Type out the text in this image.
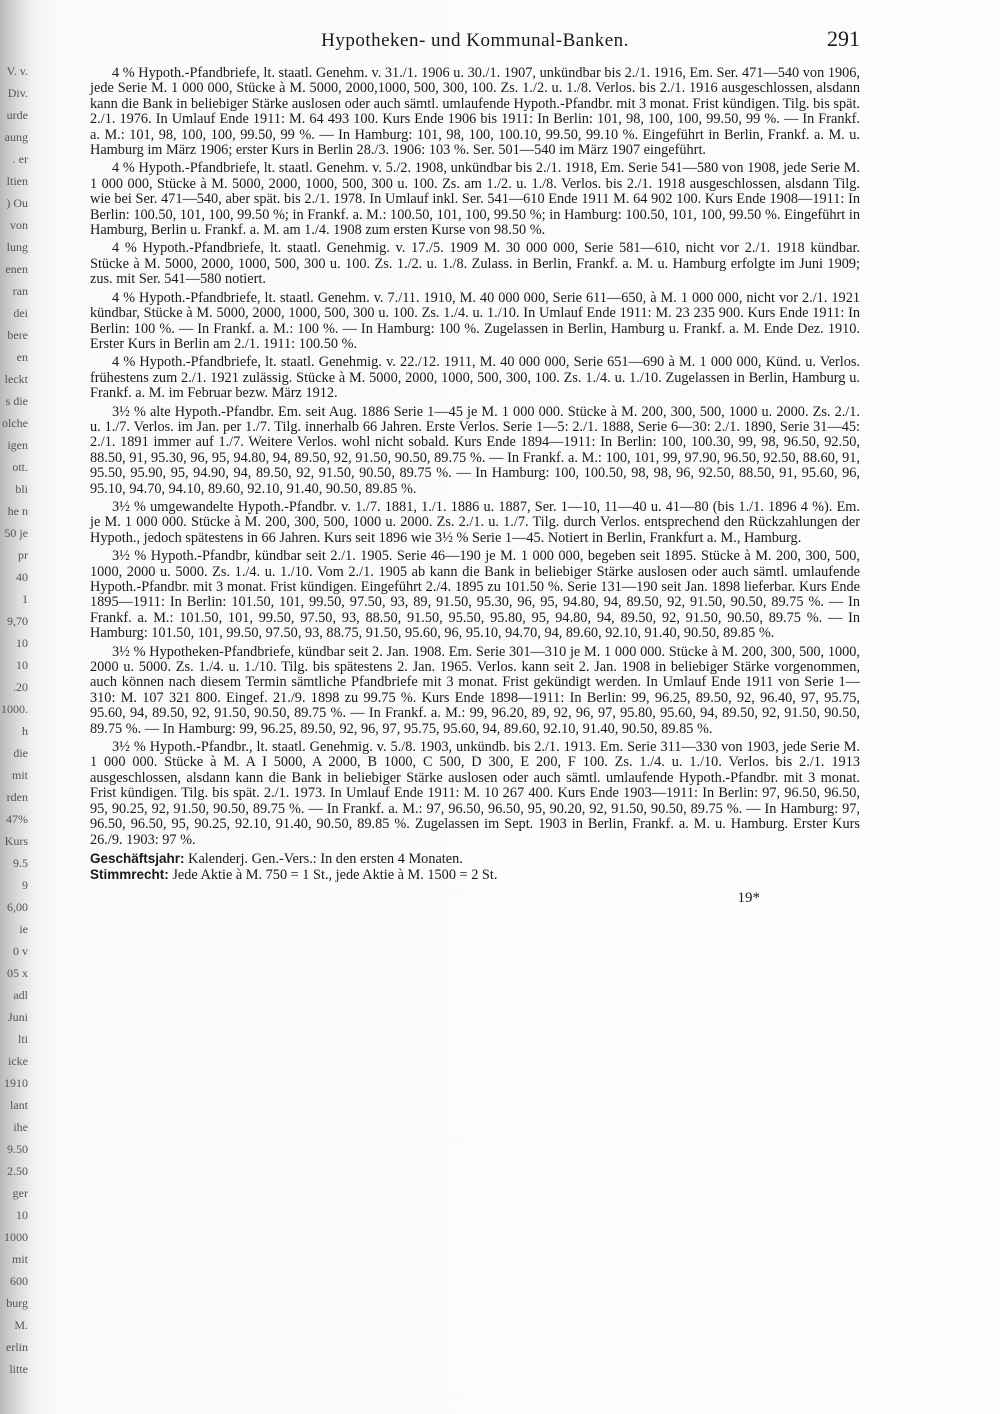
V. v.
Div.
urde
aung
. er
ltien
) Ou
von
lung
enen
ran
dei
bere
en
leckt
s die
olche
igen
ott.
bli
he n
50 je
pr
40
1
9,70
10
10
.20
1000.
h
die
mit
rden
47%
Kurs
9.5
9
6,00
ie
0 v
05 x
adl
Juni
lti
icke
1910
lant
ihe
9.50
2.50
ger
10
1000
mit
600
burg
M.
erlin
litte
Hypotheken- und Kommunal-Banken.	291

4 % Hypoth.-Pfandbriefe, lt. staatl. Genehm. v. 31./1. 1906 u. 30./1. 1907, unkündbar bis 2./1. 1916, Em. Ser. 471—540 von 1906, jede Serie M. 1 000 000, Stücke à M. 5000, 2000,1000, 500, 300, 100. Zs. 1./2. u. 1./8. Verlos. bis 2./1. 1916 ausgeschlossen, alsdann kann die Bank in beliebiger Stärke auslosen oder auch sämtl. umlaufende Hypoth.-Pfandbr. mit 3 monat. Frist kündigen. Tilg. bis spät. 2./1. 1976. In Umlauf Ende 1911: M. 64 493 100. Kurs Ende 1906 bis 1911: In Berlin: 101, 98, 100, 100, 99.50, 99 %. — In Frankf. a. M.: 101, 98, 100, 100, 99.50, 99 %. — In Hamburg: 101, 98, 100, 100.10, 99.50, 99.10 %. Eingeführt in Berlin, Frankf. a. M. u. Hamburg im März 1906; erster Kurs in Berlin 28./3. 1906: 103 %. Ser. 501—540 im März 1907 eingeführt.

4 % Hypoth.-Pfandbriefe, lt. staatl. Genehm. v. 5./2. 1908, unkündbar bis 2./1. 1918, Em. Serie 541—580 von 1908, jede Serie M. 1 000 000, Stücke à M. 5000, 2000, 1000, 500, 300 u. 100. Zs. am 1./2. u. 1./8. Verlos. bis 2./1. 1918 ausgeschlossen, alsdann Tilg. wie bei Ser. 471—540, aber spät. bis 2./1. 1978. In Umlauf inkl. Ser. 541—610 Ende 1911 M. 64 902 100. Kurs Ende 1908—1911: In Berlin: 100.50, 101, 100, 99.50 %; in Frankf. a. M.: 100.50, 101, 100, 99.50 %; in Hamburg: 100.50, 101, 100, 99.50 %. Eingeführt in Hamburg, Berlin u. Frankf. a. M. am 1./4. 1908 zum ersten Kurse von 98.50 %.

4 % Hypoth.-Pfandbriefe, lt. staatl. Genehmig. v. 17./5. 1909 M. 30 000 000, Serie 581—610, nicht vor 2./1. 1918 kündbar. Stücke à M. 5000, 2000, 1000, 500, 300 u. 100. Zs. 1./2. u. 1./8. Zulass. in Berlin, Frankf. a. M. u. Hamburg erfolgte im Juni 1909; zus. mit Ser. 541—580 notiert.

4 % Hypoth.-Pfandbriefe, lt. staatl. Genehm. v. 7./11. 1910, M. 40 000 000, Serie 611—650, à M. 1 000 000, nicht vor 2./1. 1921 kündbar, Stücke à M. 5000, 2000, 1000, 500, 300 u. 100. Zs. 1./4. u. 1./10. In Umlauf Ende 1911: M. 23 235 900. Kurs Ende 1911: In Berlin: 100 %. — In Frankf. a. M.: 100 %. — In Hamburg: 100 %. Zugelassen in Berlin, Hamburg u. Frankf. a. M. Ende Dez. 1910. Erster Kurs in Berlin am 2./1. 1911: 100.50 %.

4 % Hypoth.-Pfandbriefe, lt. staatl. Genehmig. v. 22./12. 1911, M. 40 000 000, Serie 651—690 à M. 1 000 000, Künd. u. Verlos. frühestens zum 2./1. 1921 zulässig. Stücke à M. 5000, 2000, 1000, 500, 300, 100. Zs. 1./4. u. 1./10. Zugelassen in Berlin, Hamburg u. Frankf. a. M. im Februar bezw. März 1912.

3½ % alte Hypoth.-Pfandbr. Em. seit Aug. 1886 Serie 1—45 je M. 1 000 000. Stücke à M. 200, 300, 500, 1000 u. 2000. Zs. 2./1. u. 1./7. Verlos. im Jan. per 1./7. Tilg. innerhalb 66 Jahren. Erste Verlos. Serie 1—5: 2./1. 1888, Serie 6—30: 2./1. 1890, Serie 31—45: 2./1. 1891 immer auf 1./7. Weitere Verlos. wohl nicht sobald. Kurs Ende 1894—1911: In Berlin: 100, 100.30, 99, 98, 96.50, 92.50, 88.50, 91, 95.30, 96, 95, 94.80, 94, 89.50, 92, 91.50, 90.50, 89.75 %. — In Frankf. a. M.: 100, 101, 99, 97.90, 96.50, 92.50, 88.60, 91, 95.50, 95.90, 95, 94.90, 94, 89.50, 92, 91.50, 90.50, 89.75 %. — In Hamburg: 100, 100.50, 98, 98, 96, 92.50, 88.50, 91, 95.60, 96, 95.10, 94.70, 94.10, 89.60, 92.10, 91.40, 90.50, 89.85 %.

3½ % umgewandelte Hypoth.-Pfandbr. v. 1./7. 1881, 1./1. 1886 u. 1887, Ser. 1—10, 11—40 u. 41—80 (bis 1./1. 1896 4 %). Em. je M. 1 000 000. Stücke à M. 200, 300, 500, 1000 u. 2000. Zs. 2./1. u. 1./7. Tilg. durch Verlos. entsprechend den Rückzahlungen der Hypoth., jedoch spätestens in 66 Jahren. Kurs seit 1896 wie 3½ % Serie 1—45. Notiert in Berlin, Frankfurt a. M., Hamburg.

3½ % Hypoth.-Pfandbr, kündbar seit 2./1. 1905. Serie 46—190 je M. 1 000 000, begeben seit 1895. Stücke à M. 200, 300, 500, 1000, 2000 u. 5000. Zs. 1./4. u. 1./10. Vom 2./1. 1905 ab kann die Bank in beliebiger Stärke auslosen oder auch sämtl. umlaufende Hypoth.-Pfandbr. mit 3 monat. Frist kündigen. Eingeführt 2./4. 1895 zu 101.50 %. Serie 131—190 seit Jan. 1898 lieferbar. Kurs Ende 1895—1911: In Berlin: 101.50, 101, 99.50, 97.50, 93, 89, 91.50, 95.30, 96, 95, 94.80, 94, 89.50, 92, 91.50, 90.50, 89.75 %. — In Frankf. a. M.: 101.50, 101, 99.50, 97.50, 93, 88.50, 91.50, 95.50, 95.80, 95, 94.80, 94, 89.50, 92, 91.50, 90.50, 89.75 %. — In Hamburg: 101.50, 101, 99.50, 97.50, 93, 88.75, 91.50, 95.60, 96, 95.10, 94.70, 94, 89.60, 92.10, 91.40, 90.50, 89.85 %.

3½ % Hypotheken-Pfandbriefe, kündbar seit 2. Jan. 1908. Em. Serie 301—310 je M. 1 000 000. Stücke à M. 200, 300, 500, 1000, 2000 u. 5000. Zs. 1./4. u. 1./10. Tilg. bis spätestens 2. Jan. 1965. Verlos. kann seit 2. Jan. 1908 in beliebiger Stärke vorgenommen, auch können nach diesem Termin sämtliche Pfandbriefe mit 3 monat. Frist gekündigt werden. In Umlauf Ende 1911 von Serie 1—310: M. 107 321 800. Eingef. 21./9. 1898 zu 99.75 %. Kurs Ende 1898—1911: In Berlin: 99, 96.25, 89.50, 92, 96.40, 97, 95.75, 95.60, 94, 89.50, 92, 91.50, 90.50, 89.75 %. — In Frankf. a. M.: 99, 96.20, 89, 92, 96, 97, 95.80, 95.60, 94, 89.50, 92, 91.50, 90.50, 89.75 %. — In Hamburg: 99, 96.25, 89.50, 92, 96, 97, 95.75, 95.60, 94, 89.60, 92.10, 91.40, 90.50, 89.85 %.

3½ % Hypoth.-Pfandbr., lt. staatl. Genehmig. v. 5./8. 1903, unkündb. bis 2./1. 1913. Em. Serie 311—330 von 1903, jede Serie M. 1 000 000. Stücke à M. A I 5000, A 2000, B 1000, C 500, D 300, E 200, F 100. Zs. 1./4. u. 1./10. Verlos. bis 2./1. 1913 ausgeschlossen, alsdann kann die Bank in beliebiger Stärke auslosen oder auch sämtl. umlaufende Hypoth.-Pfandbr. mit 3 monat. Frist kündigen. Tilg. bis spät. 2./1. 1973. In Umlauf Ende 1911: M. 10 267 400. Kurs Ende 1903—1911: In Berlin: 97, 96.50, 96.50, 95, 90.25, 92, 91.50, 90.50, 89.75 %. — In Frankf. a. M.: 97, 96.50, 96.50, 95, 90.20, 92, 91.50, 90.50, 89.75 %. — In Hamburg: 97, 96.50, 96.50, 95, 90.25, 92.10, 91.40, 90.50, 89.85 %. Zugelassen im Sept. 1903 in Berlin, Frankf. a. M. u. Hamburg. Erster Kurs 26./9. 1903: 97 %.

Geschäftsjahr: Kalenderj. Gen.-Vers.: In den ersten 4 Monaten.

Stimmrecht: Jede Aktie à M. 750 = 1 St., jede Aktie à M. 1500 = 2 St.

19*
